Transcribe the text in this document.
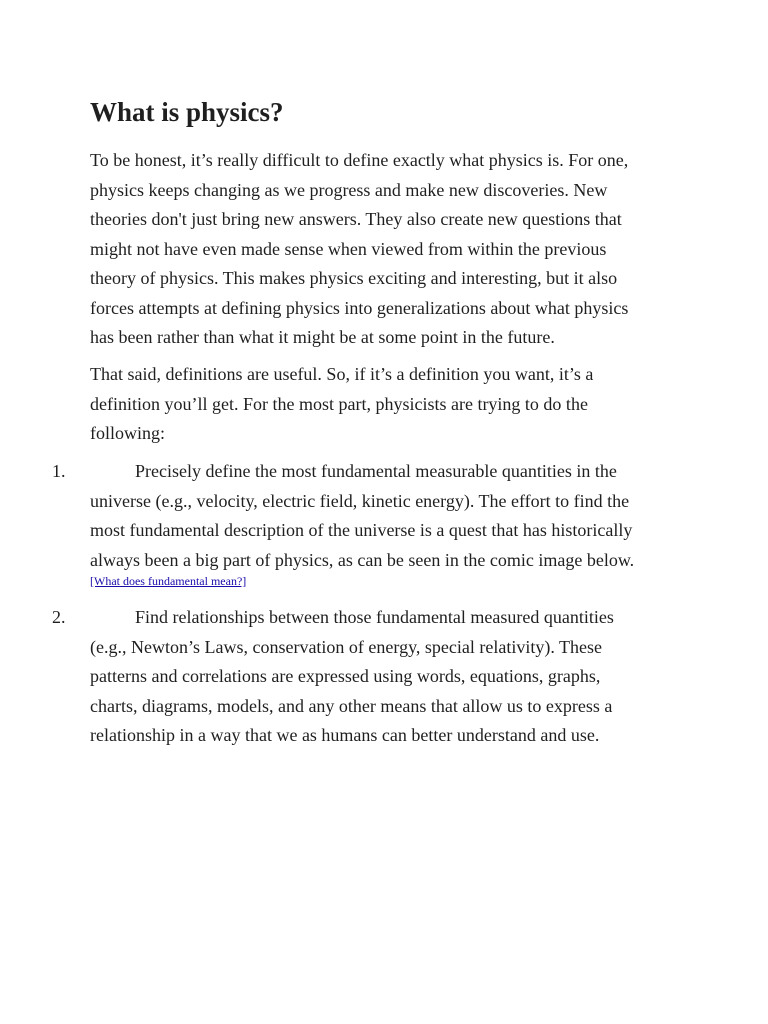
What is physics?

To be honest, it’s really difficult to define exactly what physics is. For one,
physics keeps changing as we progress and make new discoveries. New
theories don't just bring new answers. They also create new questions that
might not have even made sense when viewed from within the previous
theory of physics. This makes physics exciting and interesting, but it also
forces attempts at defining physics into generalizations about what physics
has been rather than what it might be at some point in the future.

That said, definitions are useful. So, if it’s a definition you want, it’s a
definition you’ll get. For the most part, physicists are trying to do the
following:

1.	Precisely define the most fundamental measurable quantities in the
universe (e.g., velocity, electric field, kinetic energy). The effort to find the
most fundamental description of the universe is a quest that has historically
always been a big part of physics, as can be seen in the comic image below.
[What does fundamental mean?]
2.	Find relationships between those fundamental measured quantities
(e.g., Newton’s Laws, conservation of energy, special relativity). These
patterns and correlations are expressed using words, equations, graphs,
charts, diagrams, models, and any other means that allow us to express a
relationship in a way that we as humans can better understand and use.
